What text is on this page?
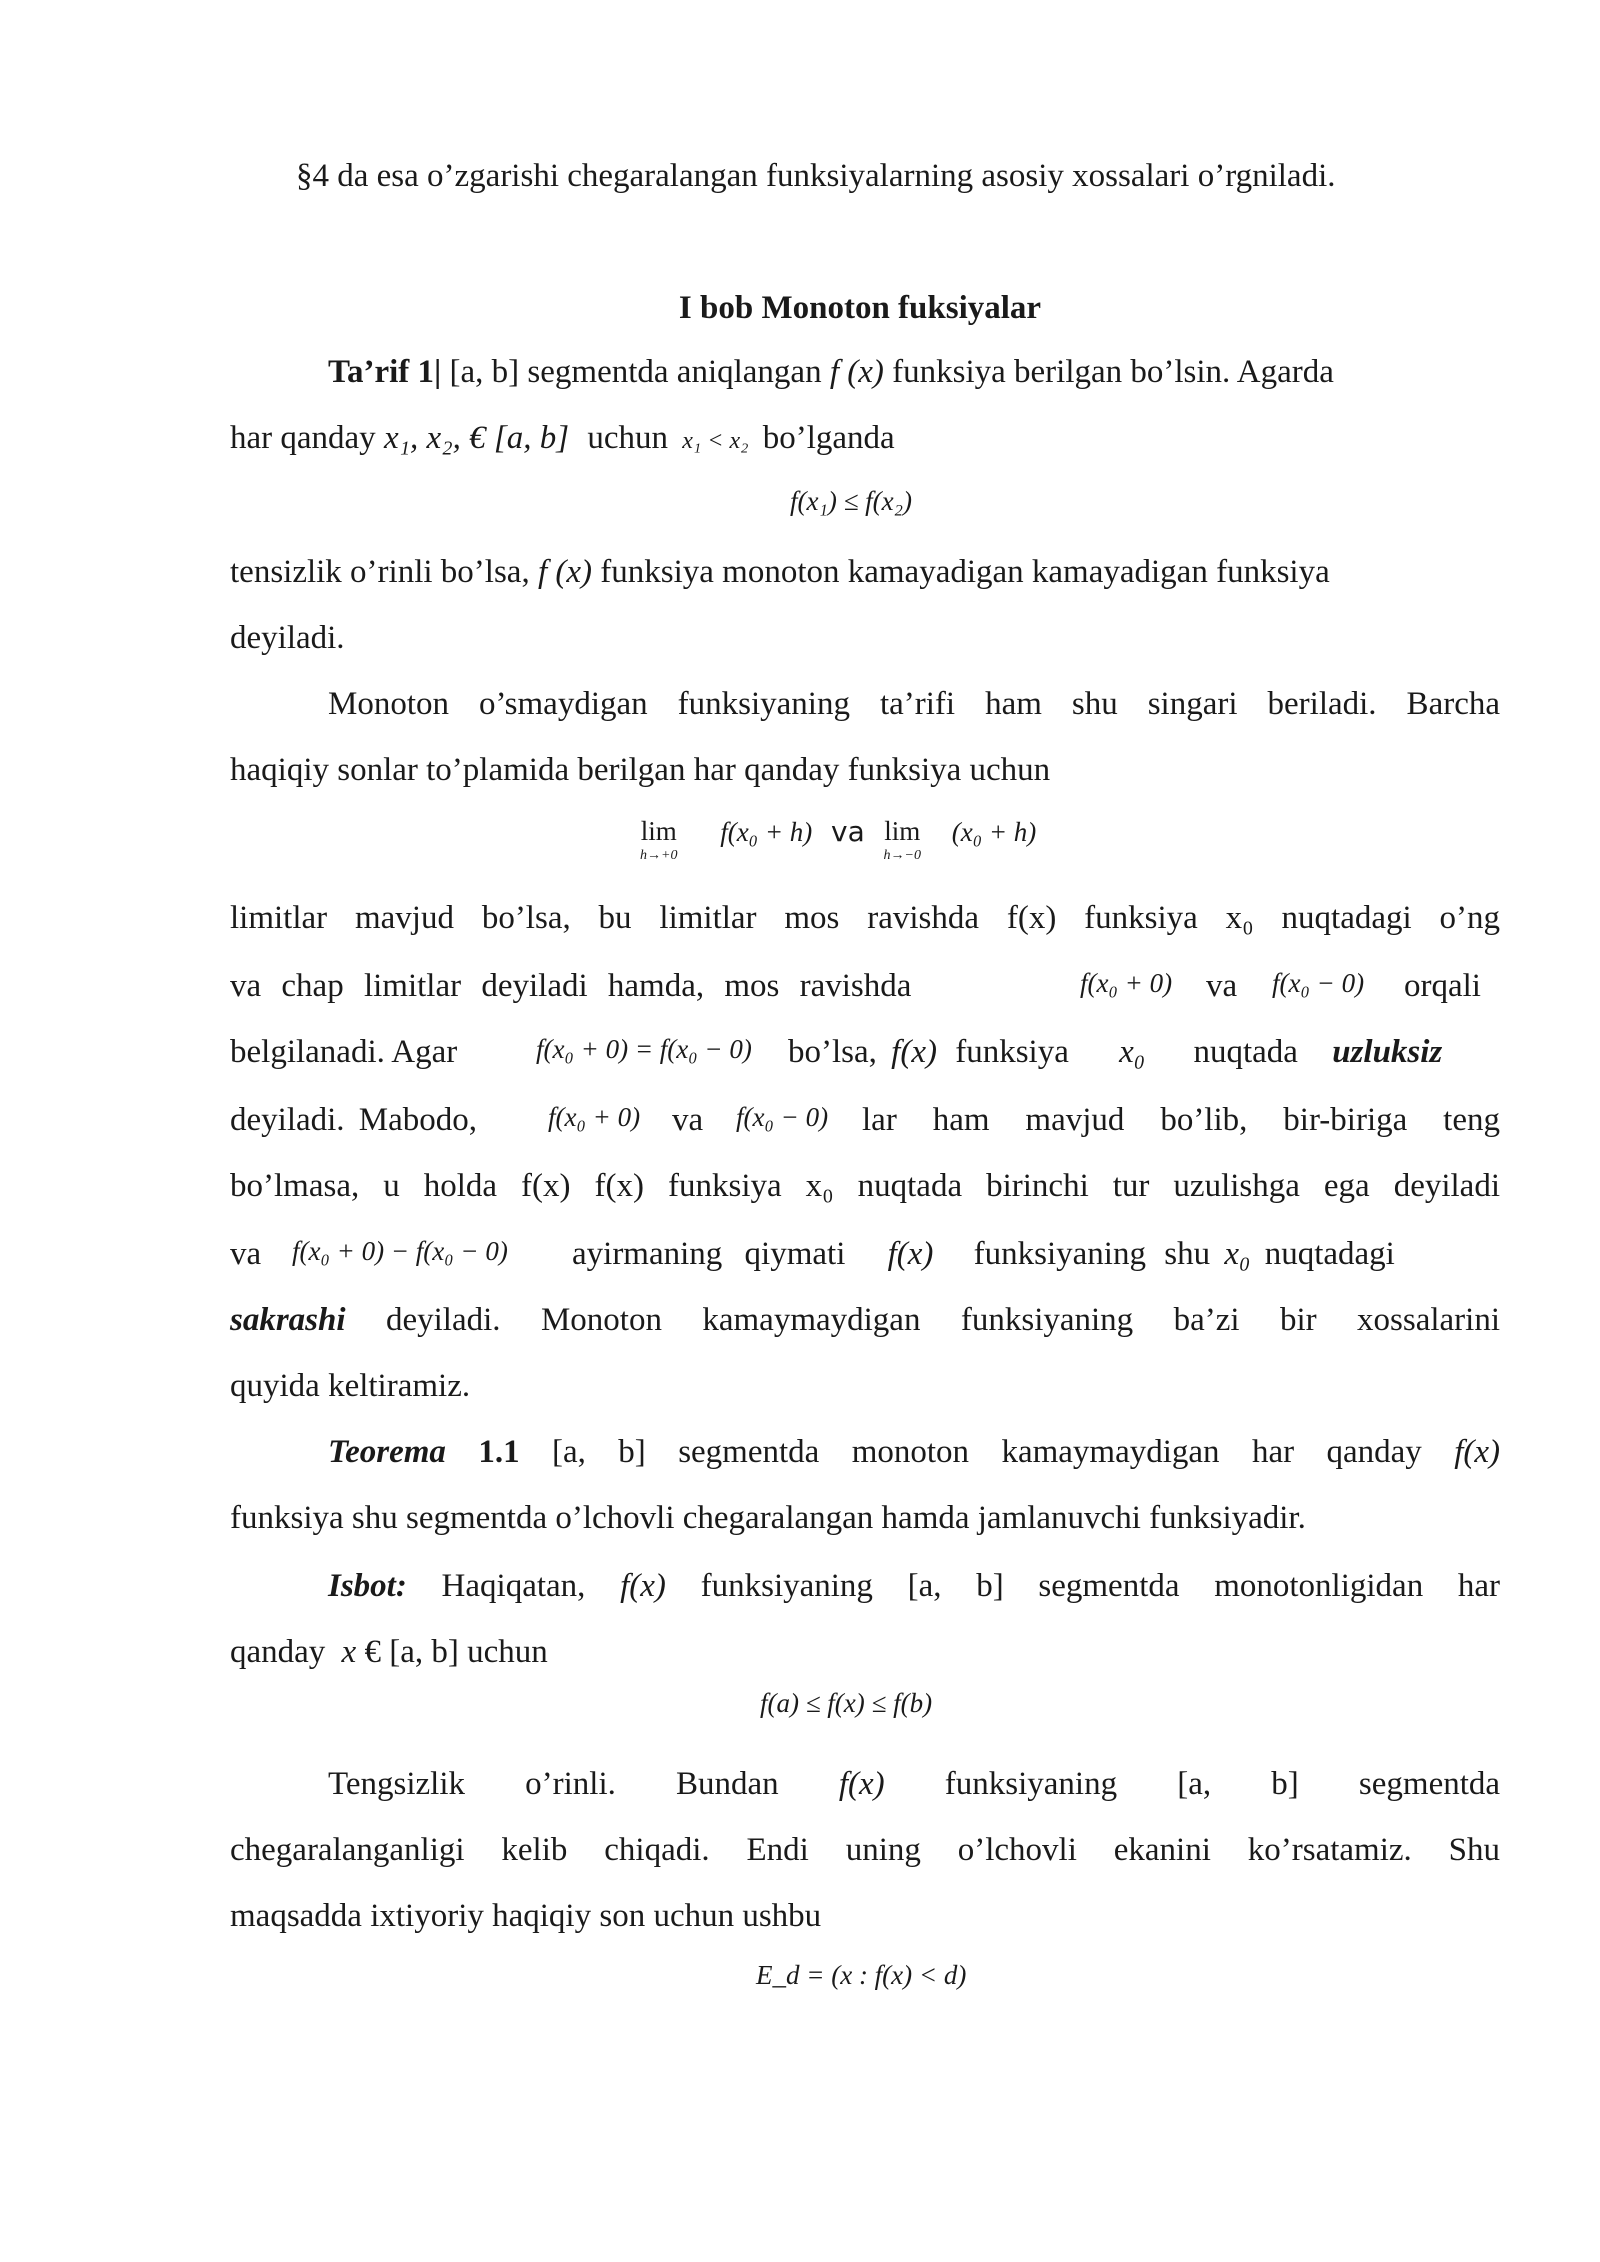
§4 da esa o’zgarishi chegaralangan funksiyalarning asosiy xossalari o’rgniladi.
I bob Monoton fuksiyalar
Ta’rif 1| [a, b] segmentda aniqlangan f (x) funksiya berilgan bo’lsin. Agarda
har qanday x₁, x₂, € [a, b] uchun x₁ < x₂ bo’lganda
f(x₁) ≤ f(x₂)
tensizlik o’rinli bo’lsa, f (x) funksiya monoton kamayadigan kamayadigan funksiya
deyiladi.
Monoton o’smaydigan funksiyaning ta’rifi ham shu singari beriladi. Barcha
haqiqiy sonlar to’plamida berilgan har qanday funksiya uchun
lim
h→+0
f(x₀ + h) va lim
h→−0
(x₀ + h)
limitlar mavjud bo’lsa, bu limitlar mos ravishda f(x) funksiya x₀ nuqtadagi o’ng
va chap limitlar deyiladi hamda, mos ravishda	f(x₀ + 0) va f(x₀ − 0) orqali
belgilanadi. Agar	f(x₀ + 0) = f(x₀ − 0) bo’lsa, f(x) funksiya x₀ nuqtada uzluksiz
deyiladi. Mabodo,	f(x₀ + 0) va f(x₀ − 0) lar ham mavjud bo’lib, bir-biriga teng
bo’lmasa, u holda f(x) f(x) funksiya x₀ nuqtada birinchi tur uzulishga ega deyiladi
va f(x₀ + 0) − f(x₀ − 0) ayirmaning qiymati f(x) funksiyaning shu x₀ nuqtadagi
sakrashi deyiladi. Monoton kamaymaydigan funksiyaning ba’zi bir xossalarini
quyida keltiramiz.
Teorema 1.1 [a, b] segmentda monoton kamaymaydigan har qanday f(x)
funksiya shu segmentda o’lchovli chegaralangan hamda jamlanuvchi funksiyadir.
Isbot: Haqiqatan, f(x) funksiyaning [a, b] segmentda monotonligidan har
qanday x € [a, b] uchun
f(a) ≤ f(x) ≤ f(b)
Tengsizlik o’rinli. Bundan f(x) funksiyaning [a, b] segmentda
chegaralanganligi kelib chiqadi. Endi uning o’lchovli ekanini ko’rsatamiz. Shu
maqsadda ixtiyoriy haqiqiy son uchun ushbu
E_d = (x : f(x) < d)
